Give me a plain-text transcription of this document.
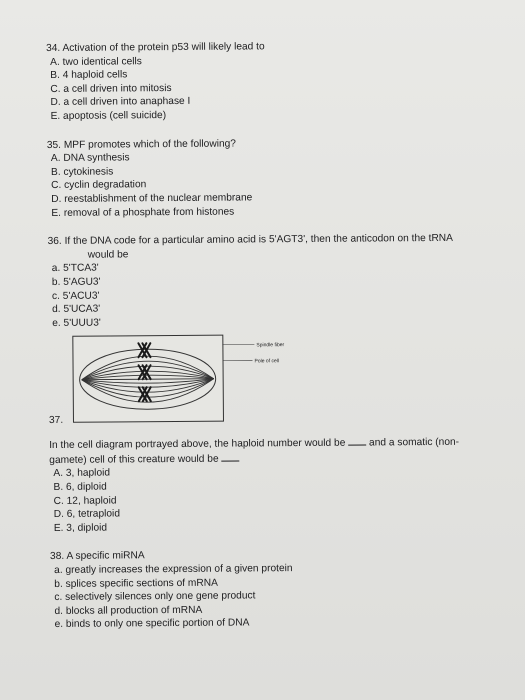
34. Activation of the protein p53 will likely lead to

A. two identical cells

B. 4 haploid cells

C. a cell driven into mitosis

D. a cell driven into anaphase I

E. apoptosis (cell suicide)

35. MPF promotes which of the following?

A. DNA synthesis

B. cytokinesis

C. cyclin degradation

D. reestablishment of the nuclear membrane

E. removal of a phosphate from histones

36. If the DNA code for a particular amino acid is 5'AGT3', then the anticodon on the tRNA

would be

a. 5'TCA3'

b. 5'AGU3'

c. 5'ACU3'

d. 5'UCA3'

e. 5'UUU3'

Spindle fiber
Pole of cell
37.

In the cell diagram portrayed above, the haploid number would be  and a somatic (non-

gamete) cell of this creature would be

A. 3, haploid

B. 6, diploid

C. 12, haploid

D. 6, tetraploid

E. 3, diploid

38. A specific miRNA

a. greatly increases the expression of a given protein

b. splices specific sections of mRNA

c. selectively silences only one gene product

d. blocks all production of mRNA

e. binds to only one specific portion of DNA
